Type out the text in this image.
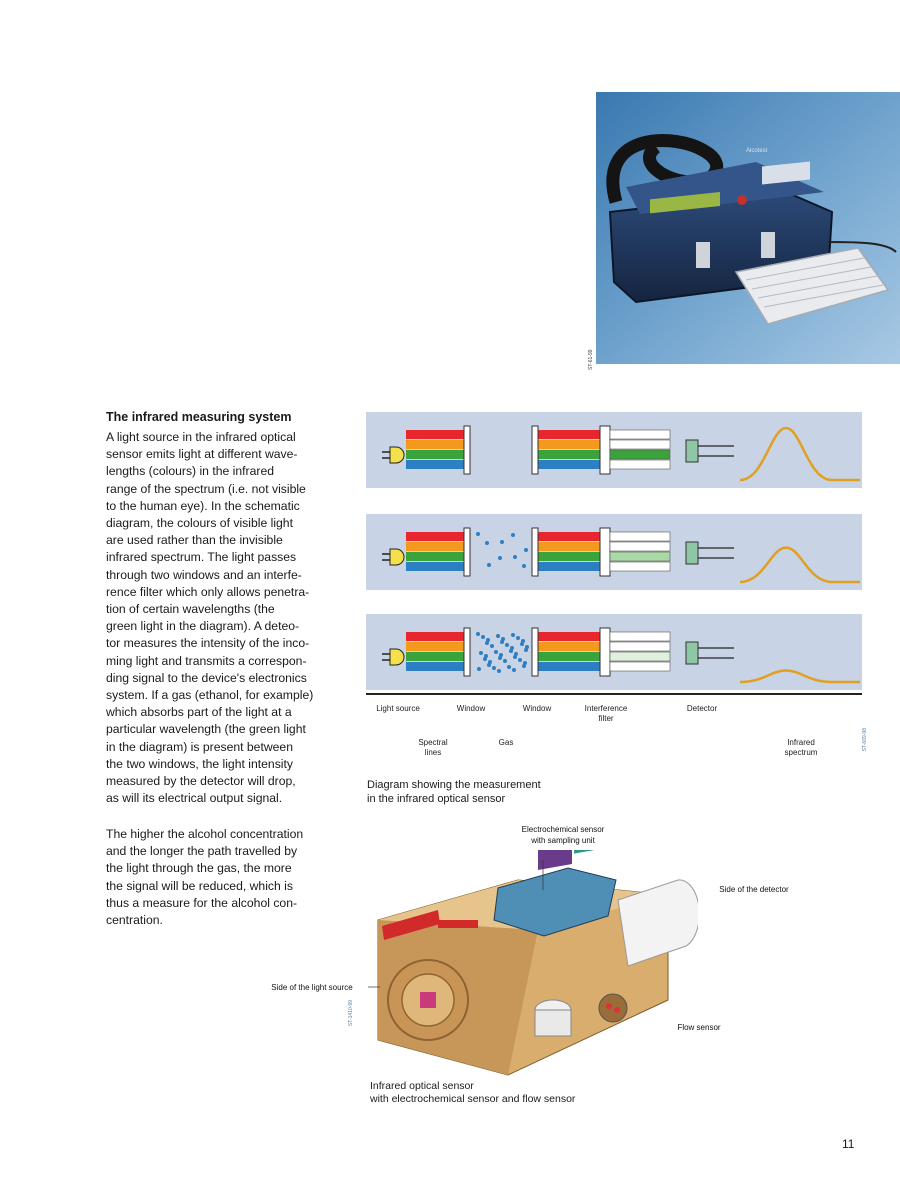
Alcotest
ST-61-99
The infrared measuring system

A light source in the infrared optical

sensor emits light at different wave-

lengths (colours) in the infrared

range of the spectrum (i.e. not visible

to the human eye). In the schematic

diagram, the colours of visible light

are used rather than the invisible

infrared spectrum. The light passes

through two windows and an interfe-

rence filter which only allows penetra-

tion of certain wavelengths (the

green light in the diagram). A deteo-

tor measures the intensity of the inco-

ming light and transmits a correspon-

ding signal to the device's electronics

system. If a gas (ethanol, for example)

which absorbs part of the light at a

particular wavelength (the green light

in the diagram) is present between

the two windows, the light intensity

measured by the detector will drop,

as will its electrical output signal.

The higher the alcohol concentration
and the longer the path travelled by
the light through the gas, the more
the signal will be reduced, which is
thus a measure for the alcohol con-
centration.
Light source	Window	Window	Interference
filter
Detector
Spectral
lines
Gas	Infrared
spectrum
ST-669-98
Diagram showing the measurement
in the infrared optical sensor
Electrochemical sensor
with sampling unit
Side of the detector
Side of the light source
Flow sensor
ST-1410-99
Infrared optical sensor
with electrochemical sensor and flow sensor
11
